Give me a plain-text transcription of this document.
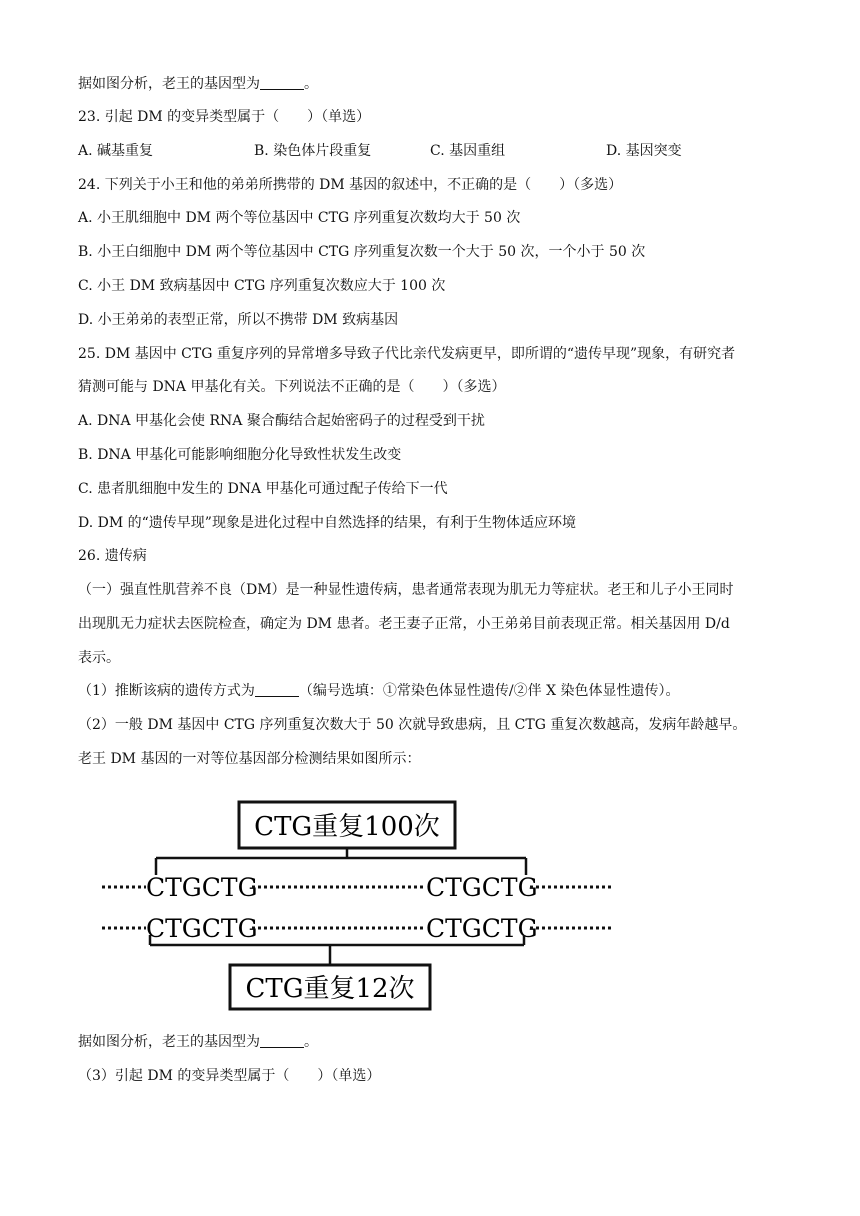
据如图分析，老王的基因型为	。
23. 引起 DM 的变异类型属于（　　）（单选）
A. 碱基重复	B. 染色体片段重复	C. 基因重组	D. 基因突变
24. 下列关于小王和他的弟弟所携带的 DM 基因的叙述中，不正确的是（　　）（多选）
A. 小王肌细胞中 DM 两个等位基因中 CTG 序列重复次数均大于 50 次
B. 小王白细胞中 DM 两个等位基因中 CTG 序列重复次数一个大于 50 次，一个小于 50 次
C. 小王 DM 致病基因中 CTG 序列重复次数应大于 100 次
D. 小王弟弟的表型正常，所以不携带 DM 致病基因
25. DM 基因中 CTG 重复序列的异常增多导致子代比亲代发病更早，即所谓的“遗传早现”现象，有研究者
猜测可能与 DNA 甲基化有关。下列说法不正确的是（　　）（多选）
A. DNA 甲基化会使 RNA 聚合酶结合起始密码子的过程受到干扰
B. DNA 甲基化可能影响细胞分化导致性状发生改变
C. 患者肌细胞中发生的 DNA 甲基化可通过配子传给下一代
D. DM 的“遗传早现”现象是进化过程中自然选择的结果，有利于生物体适应环境
26. 遗传病
（一）强直性肌营养不良（DM）是一种显性遗传病，患者通常表现为肌无力等症状。老王和儿子小王同时
出现肌无力症状去医院检查，确定为 DM 患者。老王妻子正常，小王弟弟目前表现正常。相关基因用 D/d
表示。
（1）推断该病的遗传方式为	（编号选填：①常染色体显性遗传/②伴 X 染色体显性遗传）。
（2）一般 DM 基因中 CTG 序列重复次数大于 50 次就导致患病，且 CTG 重复次数越高，发病年龄越早。
老王 DM 基因的一对等位基因部分检测结果如图所示：
CTG重复100次
CTGCTG	CTGCTG
CTGCTG	CTGCTG
CTG重复12次
据如图分析，老王的基因型为	。
（3）引起 DM 的变异类型属于（　　）（单选）
